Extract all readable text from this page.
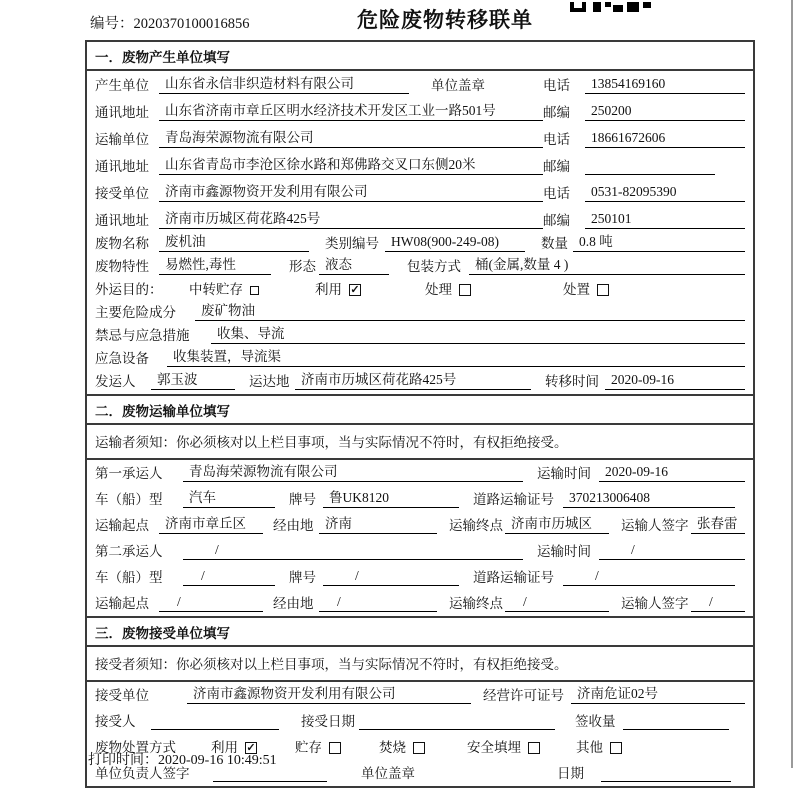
编号：2020370100016856	危险废物转移联单
一．废物产生单位填写
产生单位	山东省永信非织造材料有限公司	单位盖章	电话	13854169160
通讯地址	山东省济南市章丘区明水经济技术开发区工业一路501号	邮编	250200
运输单位	青岛海荣源物流有限公司	电话	18661672606
通讯地址	山东省青岛市李沧区徐水路和郑佛路交叉口东侧20米	邮编
接受单位	济南市鑫源物资开发利用有限公司	电话	0531-82095390
通讯地址	济南市历城区荷花路425号	邮编	250101
废物名称	废机油	类别编号 HW08(900-249-08)	数量 0.8 吨
废物特性	易燃性,毒性	形态 液态	包装方式	桶(金属,数量 4 )
外运目的：	中转贮存	利用 ✓	处理	处置
主要危险成分	废矿物油
禁忌与应急措施	收集、导流
应急设备	收集装置，导流渠
发运人	郭玉波	运达地 济南市历城区荷花路425号	转移时间 2020-09-16
二．废物运输单位填写
运输者须知：你必须核对以上栏目事项，当与实际情况不符时，有权拒绝接受。
第一承运人	青岛海荣源物流有限公司	运输时间	2020-09-16
车（船）型	汽车	牌号 鲁UK8120	道路运输证号	370213006408
运输起点	济南市章丘区	经由地 济南	运输终点 济南市历城区	运输人签字 张春雷
第二承运人	/	运输时间	/
车（船）型	/	牌号	/	道路运输证号	/
运输起点	/	经由地	/	运输终点	/	运输人签字	/
三．废物接受单位填写
接受者须知：你必须核对以上栏目事项，当与实际情况不符时，有权拒绝接受。
接受单位	济南市鑫源物资开发利用有限公司	经营许可证号 济南危证02号
接受人	接受日期	签收量
废物处置方式	利用 ✓	贮存	焚烧	安全填埋	其他
单位负责人签字	单位盖章	日期
打印时间：2020-09-16 10:49:51
